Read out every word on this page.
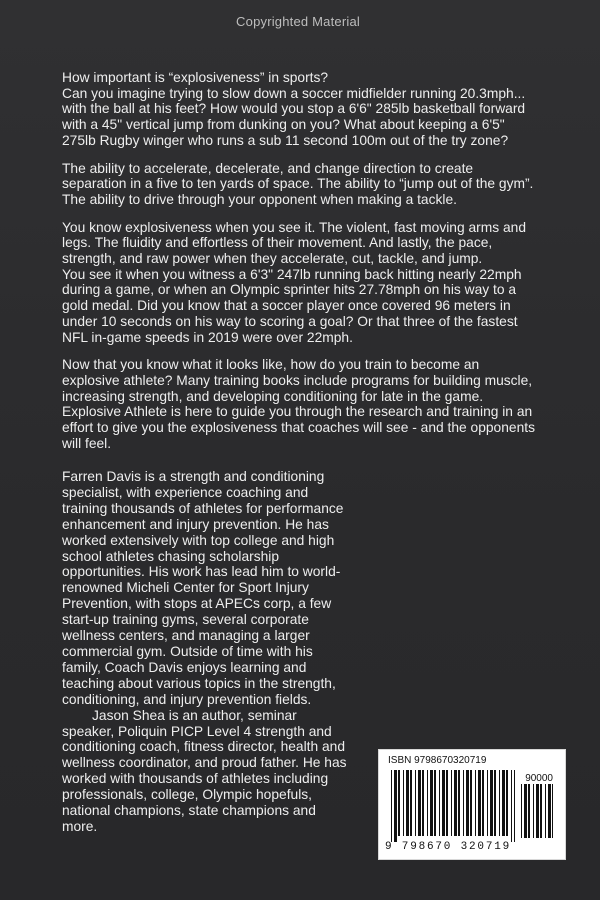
Copyrighted Material

How important is “explosiveness” in sports?
Can you imagine trying to slow down a soccer midfielder running 20.3mph... with the ball at his feet? How would you stop a 6'6" 285lb basketball forward with a 45" vertical jump from dunking on you? What about keeping a 6'5" 275lb Rugby winger who runs a sub 11 second 100m out of the try zone?

The ability to accelerate, decelerate, and change direction to create separation in a five to ten yards of space. The ability to “jump out of the gym”. The ability to drive through your opponent when making a tackle.

You know explosiveness when you see it. The violent, fast moving arms and legs. The fluidity and effortless of their movement. And lastly, the pace, strength, and raw power when they accelerate, cut, tackle, and jump.

You see it when you witness a 6'3" 247lb running back hitting nearly 22mph during a game, or when an Olympic sprinter hits 27.78mph on his way to a gold medal. Did you know that a soccer player once covered 96 meters in under 10 seconds on his way to scoring a goal? Or that three of the fastest NFL in-game speeds in 2019 were over 22mph.

Now that you know what it looks like, how do you train to become an explosive athlete? Many training books include programs for building muscle, increasing strength, and developing conditioning for late in the game. Explosive Athlete is here to guide you through the research and training in an effort to give you the explosiveness that coaches will see - and the opponents will feel.

Farren Davis is a strength and conditioning specialist, with experience coaching and training thousands of athletes for performance enhancement and injury prevention. He has worked extensively with top college and high school athletes chasing scholarship opportunities. His work has lead him to world-renowned Micheli Center for Sport Injury Prevention, with stops at APECs corp, a few start-up training gyms, several corporate wellness centers, and managing a larger commercial gym. Outside of time with his family, Coach Davis enjoys learning and teaching about various topics in the strength, conditioning, and injury prevention fields.

Jason Shea is an author, seminar speaker, Poliquin PICP Level 4 strength and conditioning coach, fitness director, health and wellness coordinator, and proud father. He has worked with thousands of athletes including professionals, college, Olympic hopefuls, national champions, state champions and more.

ISBN 9798670320719
90000
9 798670 320719
